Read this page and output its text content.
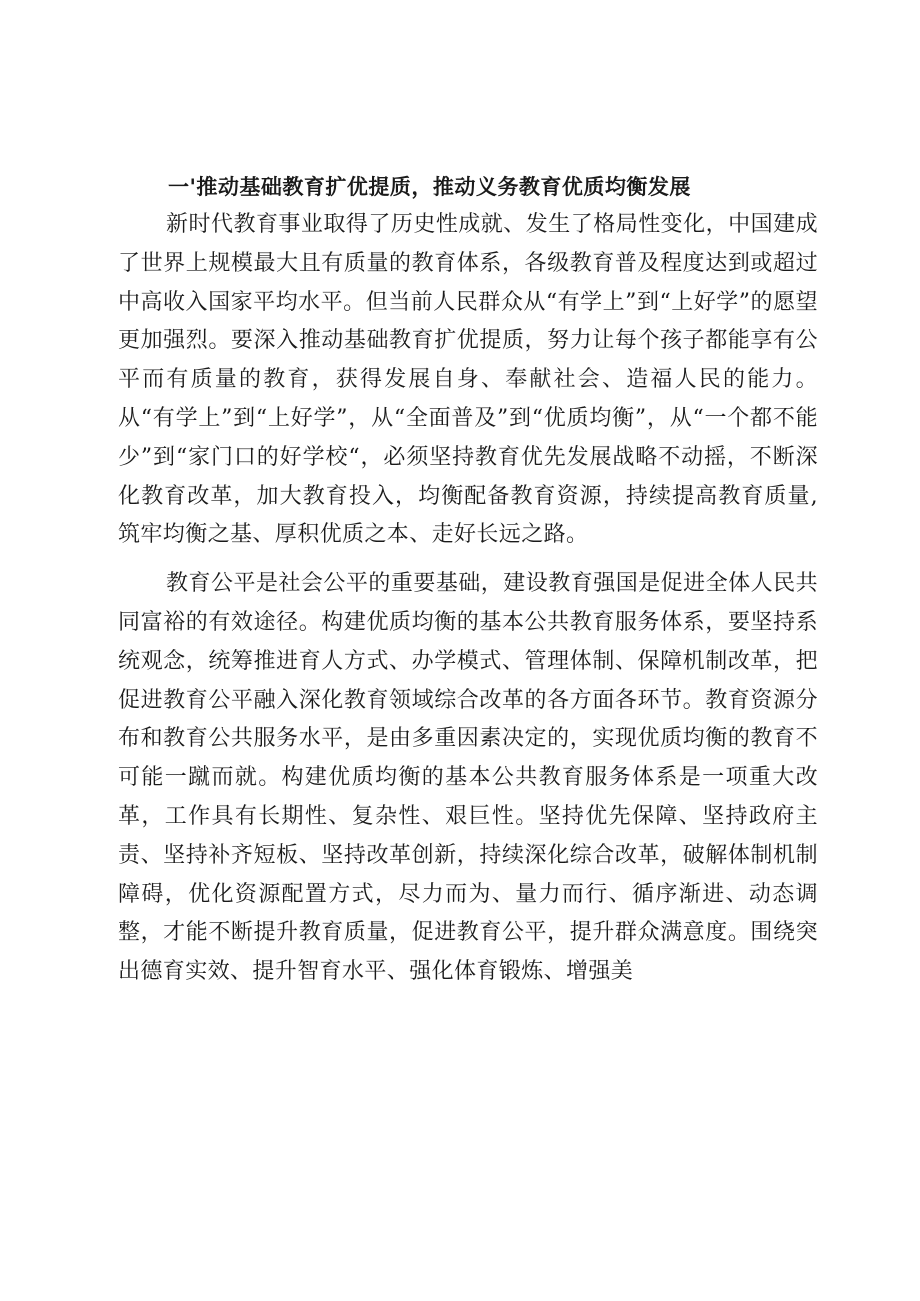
一'推动基础教育扩优提质，推动义务教育优质均衡发展

新时代教育事业取得了历史性成就、发生了格局性变化，中国建成了世界上规模最大且有质量的教育体系，各级教育普及程度达到或超过中高收入国家平均水平。但当前人民群众从“有学上”到“上好学”的愿望更加强烈。要深入推动基础教育扩优提质，努力让每个孩子都能享有公平而有质量的教育，获得发展自身、奉献社会、造福人民的能力。从“有学上”到“上好学”，从“全面普及”到“优质均衡”，从“一个都不能少”到“家门口的好学校“，必须坚持教育优先发展战略不动摇，不断深化教育改革，加大教育投入，均衡配备教育资源，持续提高教育质量,筑牢均衡之基、厚积优质之本、走好长远之路。

教育公平是社会公平的重要基础，建设教育强国是促进全体人民共同富裕的有效途径。构建优质均衡的基本公共教育服务体系，要坚持系统观念，统筹推进育人方式、办学模式、管理体制、保障机制改革，把促进教育公平融入深化教育领域综合改革的各方面各环节。教育资源分布和教育公共服务水平，是由多重因素决定的，实现优质均衡的教育不可能一蹴而就。构建优质均衡的基本公共教育服务体系是一项重大改革，工作具有长期性、复杂性、艰巨性。坚持优先保障、坚持政府主责、坚持补齐短板、坚持改革创新，持续深化综合改革，破解体制机制障碍，优化资源配置方式，尽力而为、量力而行、循序渐进、动态调整，才能不断提升教育质量，促进教育公平，提升群众满意度。围绕突出德育实效、提升智育水平、强化体育锻炼、增强美
